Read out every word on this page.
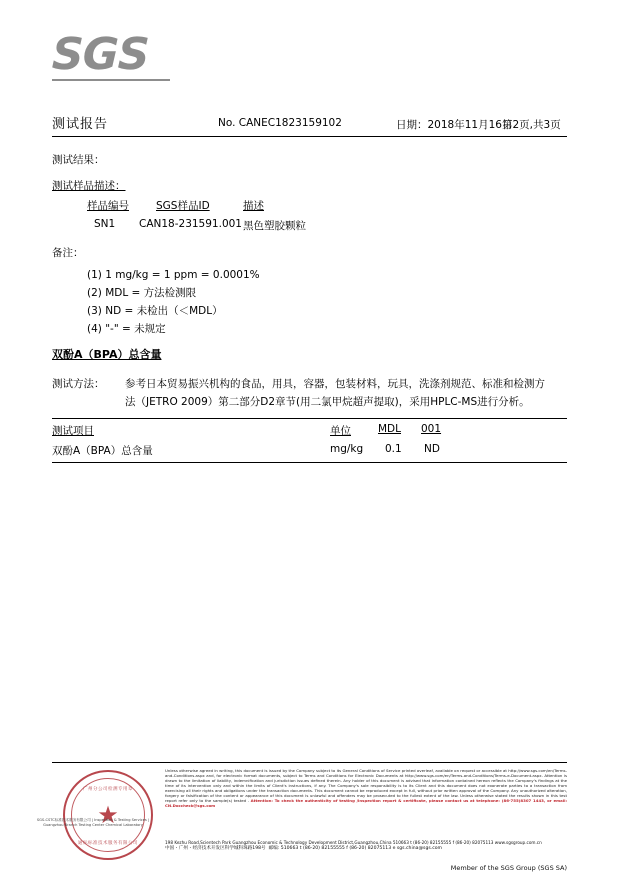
SGS
测试报告	No. CANEC1823159102	日期：2018年11月16日
第2页,共3页
测试结果：
测试样品描述：
样品编号	SGS样品ID	描述
SN1 CAN18-231591.001 黑色塑胶颗粒
备注：
(1) 1 mg/kg = 1 ppm = 0.0001%
(2) MDL = 方法检测限
(3) ND = 未检出（＜MDL）
(4) "-" = 未规定
双酚A（BPA）总含量
测试方法： 参考日本贸易振兴机构的食品，用具，容器，包装材料，玩具，洗涤剂规范、标准和检测方
法（JETRO 2009）第二部分D2章节(用二氯甲烷超声提取)，采用HPLC-MS进行分析。
测试项目	单位	MDL 001
双酚A（BPA）总含量	mg/kg 0.1 ND
广州分公司检测专用章
★
通标标准技术服务有限公司
SGS-CSTC标准技术服务有限公司 | Inspection & Testing Services | Guangzhou Branch Testing Center Chemical Laboratory
Unless otherwise agreed in writing, this document is issued by the Company subject to its General Conditions of Service printed overleaf, available on request or accessible at http://www.sgs.com/en/Terms-and-Conditions.aspx and, for electronic format documents, subject to Terms and Conditions for Electronic Documents at http://www.sgs.com/en/Terms-and-Conditions/Terms-e-Document.aspx. Attention is drawn to the limitation of liability, indemnification and jurisdiction issues defined therein. Any holder of this document is advised that information contained hereon reflects the Company's findings at the time of its intervention only and within the limits of Client's instructions, if any. The Company's sole responsibility is to its Client and this document does not exonerate parties to a transaction from exercising all their rights and obligations under the transaction documents. This document cannot be reproduced except in full, without prior written approval of the Company. Any unauthorized alteration, forgery or falsification of the content or appearance of this document is unlawful and offenders may be prosecuted to the fullest extent of the law. Unless otherwise stated the results shown in this test report refer only to the sample(s) tested . Attention: To check the authenticity of testing /inspection report & certificate, please contact us at telephone: (86-755)8307 1443, or email: CN.Doccheck@sgs.com
198 Kezhu Road,Scientech Park Guangzhou Economic & Technology Development District,Guangzhou,China 510663 t (86-20) 82155555 f (86-20) 82075113 www.sgsgroup.com.cn
中国・广州・经济技术开发区科学城科珠路198号 邮编: 510663 t (86-20) 82155555 f (86-20) 82075113 e sgs.china@sgs.com
Member of the SGS Group (SGS SA)
